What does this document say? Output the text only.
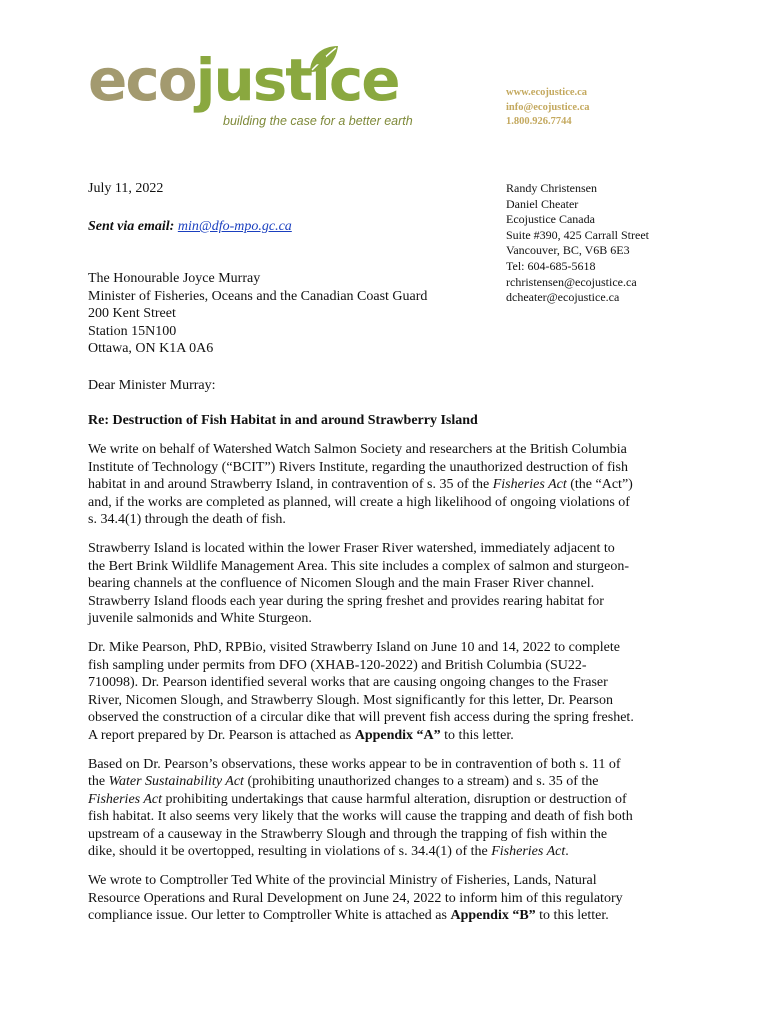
ecojustice
building the case for a better earth
www.ecojustice.ca
info@ecojustice.ca
1.800.926.7744
July 11, 2022
Sent via email: min@dfo-mpo.gc.ca
Randy Christensen
Daniel Cheater
Ecojustice Canada
Suite #390, 425 Carrall Street
Vancouver, BC, V6B 6E3
Tel: 604-685-5618
rchristensen@ecojustice.ca
dcheater@ecojustice.ca
The Honourable Joyce Murray
Minister of Fisheries, Oceans and the Canadian Coast Guard
200 Kent Street
Station 15N100
Ottawa, ON K1A 0A6
Dear Minister Murray:
Re: Destruction of Fish Habitat in and around Strawberry Island

We write on behalf of Watershed Watch Salmon Society and researchers at the British Columbia
Institute of Technology (“BCIT”) Rivers Institute, regarding the unauthorized destruction of fish
habitat in and around Strawberry Island, in contravention of s. 35 of the Fisheries Act (the “Act”)
and, if the works are completed as planned, will create a high likelihood of ongoing violations of
s. 34.4(1) through the death of fish.

Strawberry Island is located within the lower Fraser River watershed, immediately adjacent to
the Bert Brink Wildlife Management Area. This site includes a complex of salmon and sturgeon-
bearing channels at the confluence of Nicomen Slough and the main Fraser River channel.
Strawberry Island floods each year during the spring freshet and provides rearing habitat for
juvenile salmonids and White Sturgeon.

Dr. Mike Pearson, PhD, RPBio, visited Strawberry Island on June 10 and 14, 2022 to complete
fish sampling under permits from DFO (XHAB-120-2022) and British Columbia (SU22-
710098). Dr. Pearson identified several works that are causing ongoing changes to the Fraser
River, Nicomen Slough, and Strawberry Slough. Most significantly for this letter, Dr. Pearson
observed the construction of a circular dike that will prevent fish access during the spring freshet.
A report prepared by Dr. Pearson is attached as Appendix “A” to this letter.

Based on Dr. Pearson’s observations, these works appear to be in contravention of both s. 11 of
the Water Sustainability Act (prohibiting unauthorized changes to a stream) and s. 35 of the
Fisheries Act prohibiting undertakings that cause harmful alteration, disruption or destruction of
fish habitat. It also seems very likely that the works will cause the trapping and death of fish both
upstream of a causeway in the Strawberry Slough and through the trapping of fish within the
dike, should it be overtopped, resulting in violations of s. 34.4(1) of the Fisheries Act.

We wrote to Comptroller Ted White of the provincial Ministry of Fisheries, Lands, Natural
Resource Operations and Rural Development on June 24, 2022 to inform him of this regulatory
compliance issue. Our letter to Comptroller White is attached as Appendix “B” to this letter.
